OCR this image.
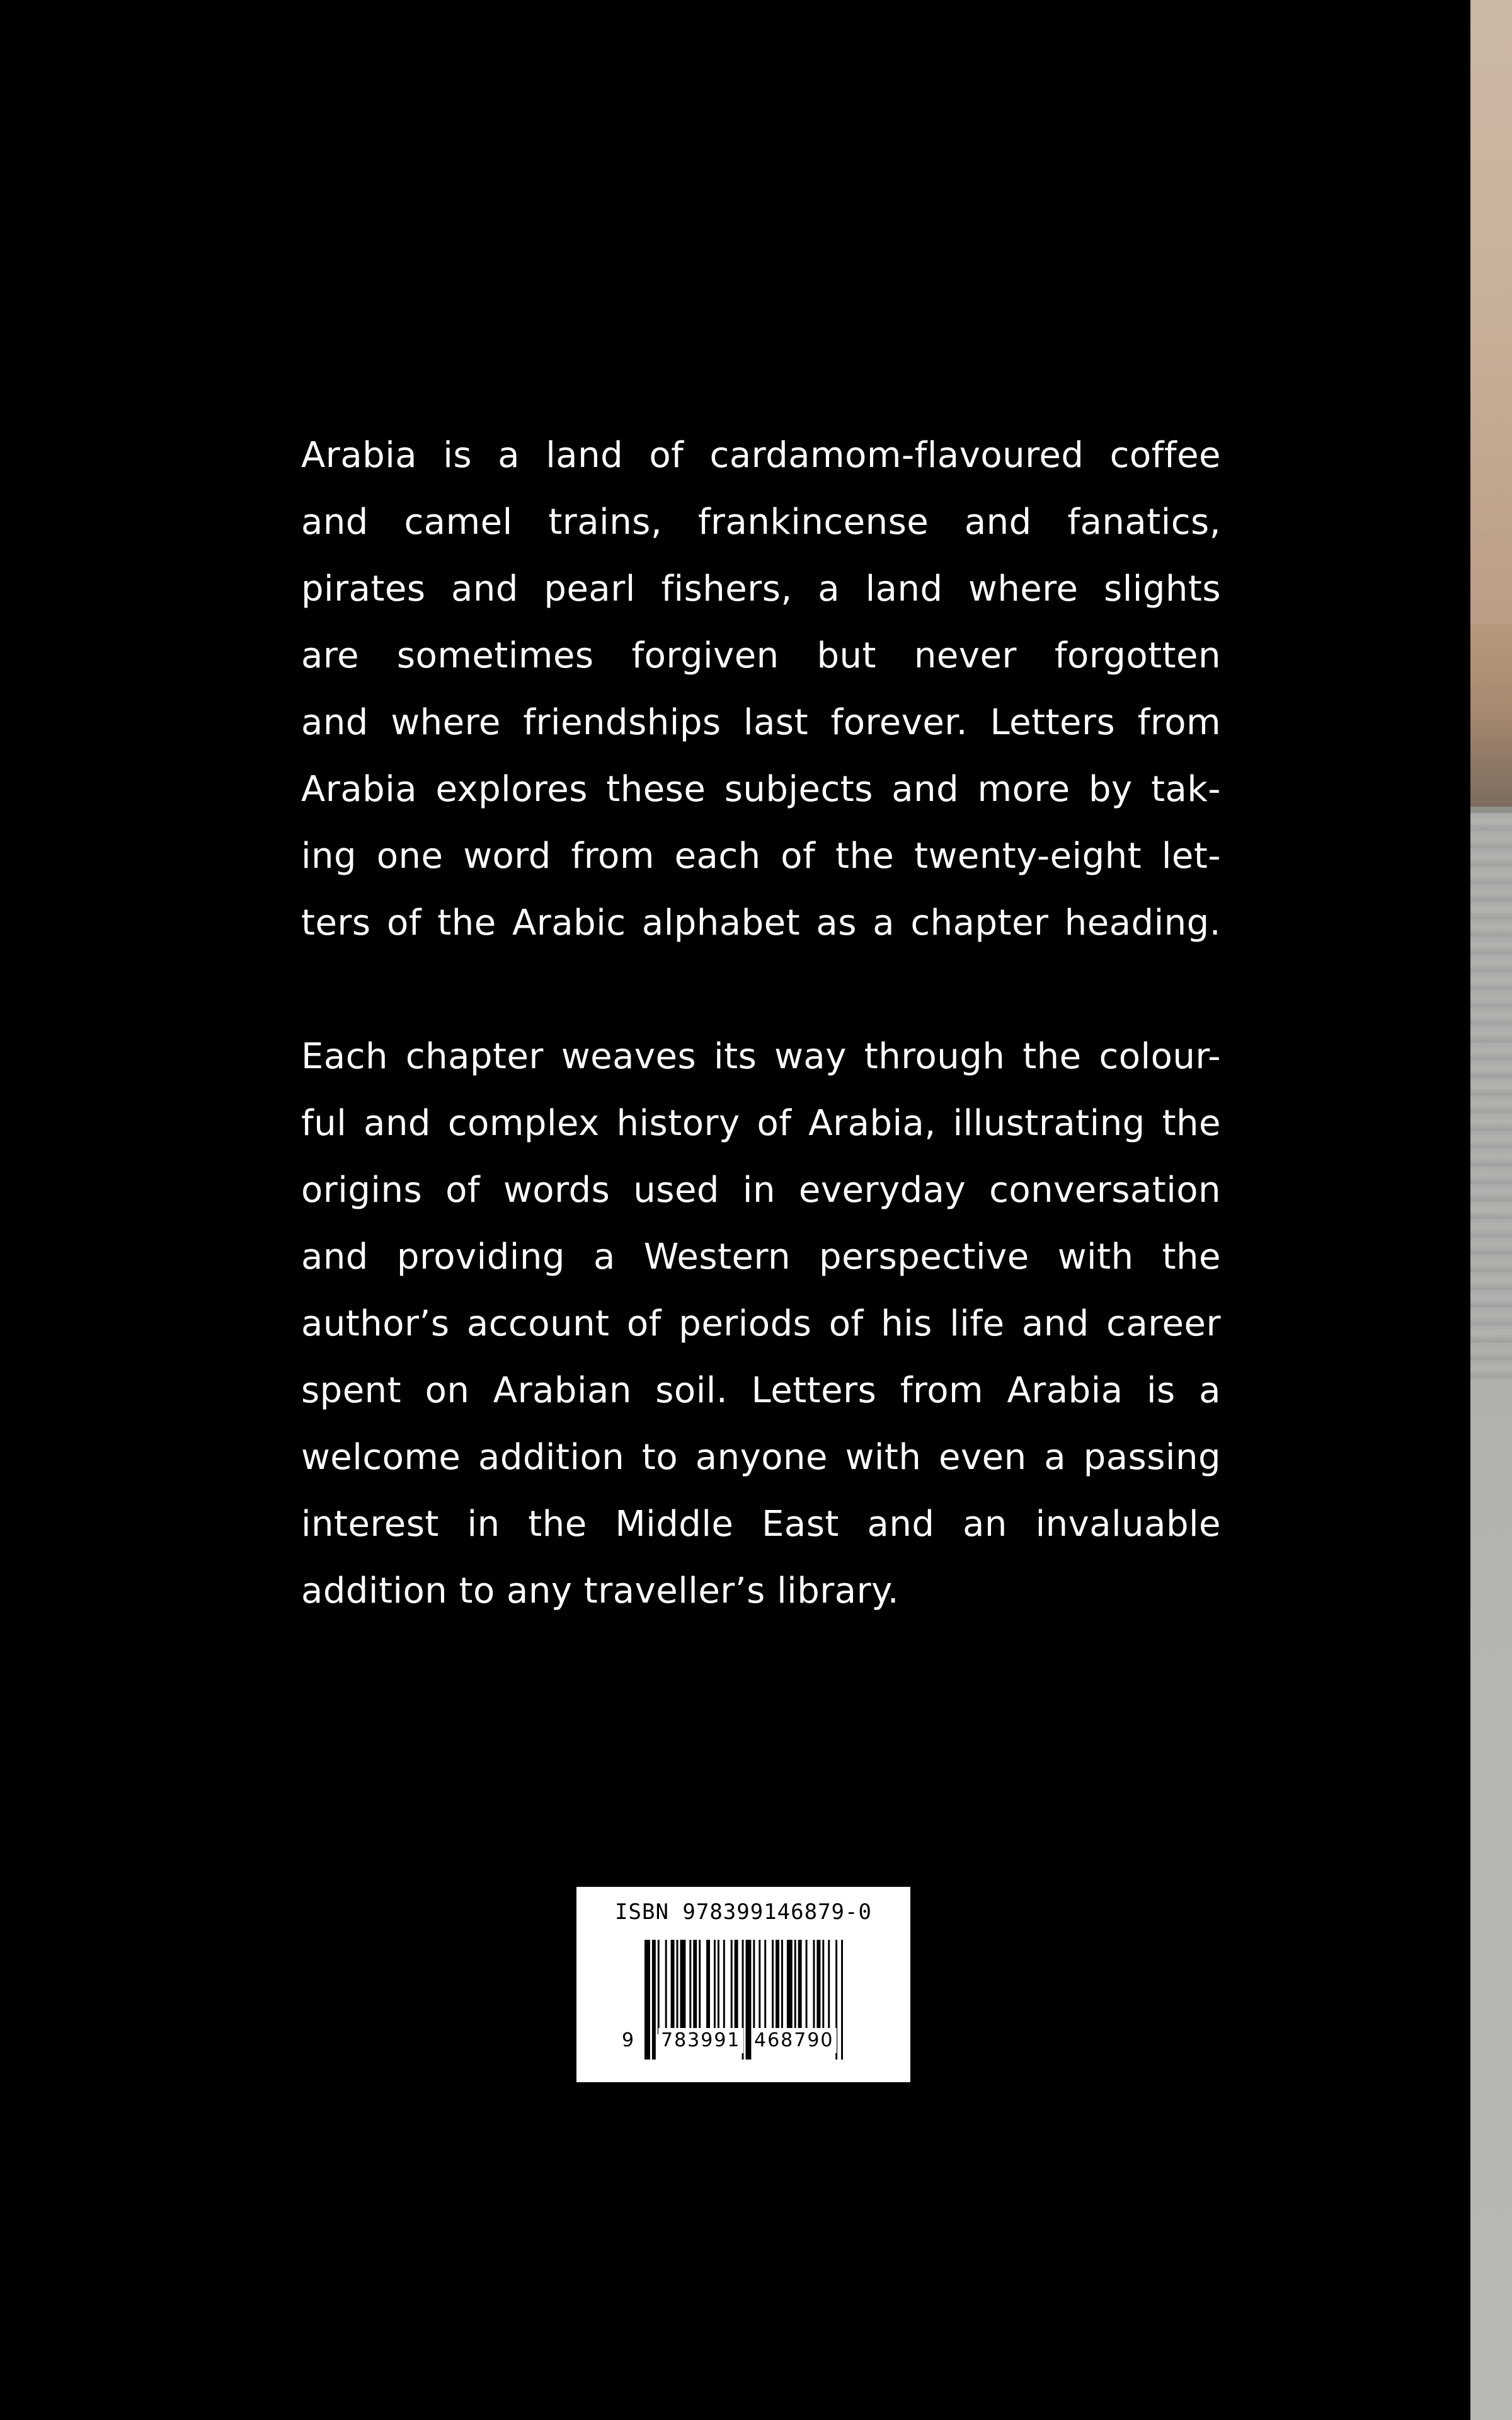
Arabia is a land of cardamom-flavoured coffee
and camel trains, frankincense and fanatics,
pirates and pearl fishers, a land where slights
are sometimes forgiven but never forgotten
and where friendships last forever. Letters from
Arabia explores these subjects and more by tak-
ing one word from each of the twenty-eight let-
ters of the Arabic alphabet as a chapter heading.

Each chapter weaves its way through the colour-
ful and complex history of Arabia, illustrating the
origins of words used in everyday conversation
and providing a Western perspective with the
author’s account of periods of his life and career
spent on Arabian soil. Letters from Arabia is a
welcome addition to anyone with even a passing
interest in the Middle East and an invaluable
addition to any traveller’s library.

ISBN 978399146879-0
9 783991 468790
